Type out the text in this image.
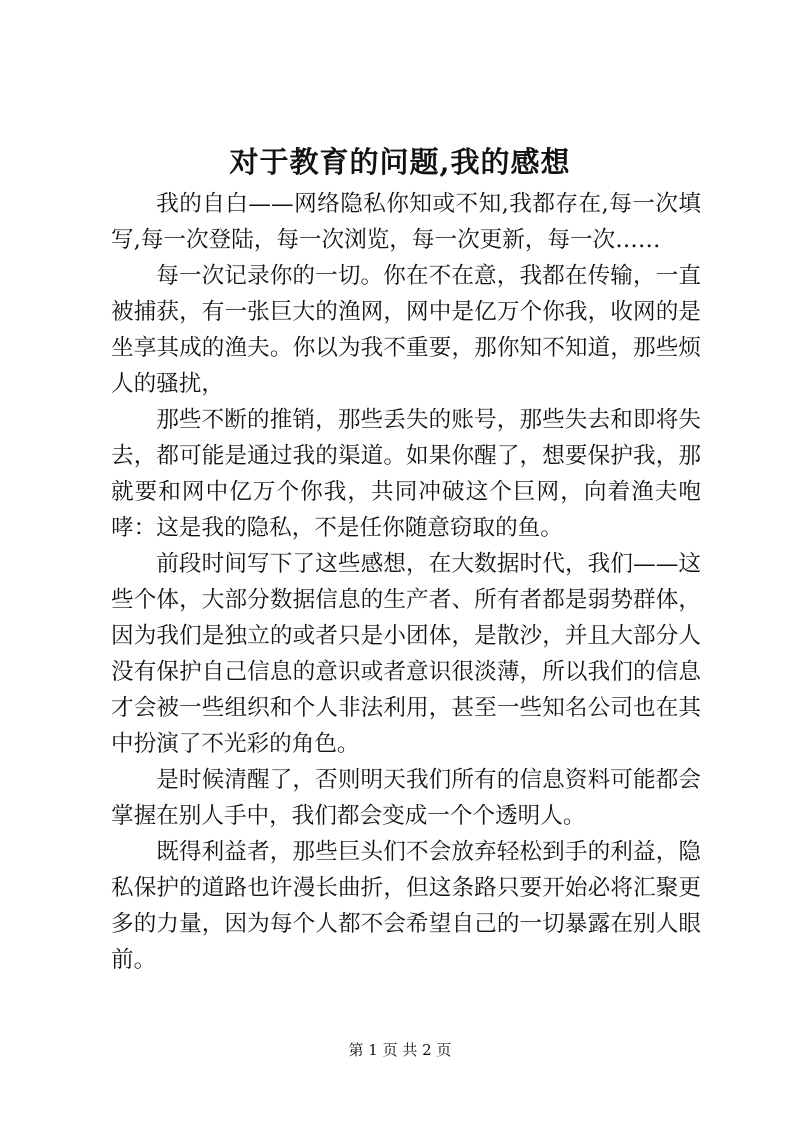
对于教育的问题,我的感想

我的自白——网络隐私你知或不知,我都存在,每一次填写,每一次登陆，每一次浏览，每一次更新，每一次……

每一次记录你的一切。你在不在意，我都在传输，一直被捕获，有一张巨大的渔网，网中是亿万个你我，收网的是坐享其成的渔夫。你以为我不重要，那你知不知道，那些烦人的骚扰，

那些不断的推销，那些丢失的账号，那些失去和即将失去，都可能是通过我的渠道。如果你醒了，想要保护我，那就要和网中亿万个你我，共同冲破这个巨网，向着渔夫咆哮：这是我的隐私，不是任你随意窃取的鱼。

前段时间写下了这些感想，在大数据时代，我们——这些个体，大部分数据信息的生产者、所有者都是弱势群体，因为我们是独立的或者只是小团体，是散沙，并且大部分人没有保护自己信息的意识或者意识很淡薄，所以我们的信息才会被一些组织和个人非法利用，甚至一些知名公司也在其中扮演了不光彩的角色。

是时候清醒了，否则明天我们所有的信息资料可能都会掌握在别人手中，我们都会变成一个个透明人。

既得利益者，那些巨头们不会放弃轻松到手的利益，隐私保护的道路也许漫长曲折，但这条路只要开始必将汇聚更多的力量，因为每个人都不会希望自己的一切暴露在别人眼前。

第 1 页 共 2 页
